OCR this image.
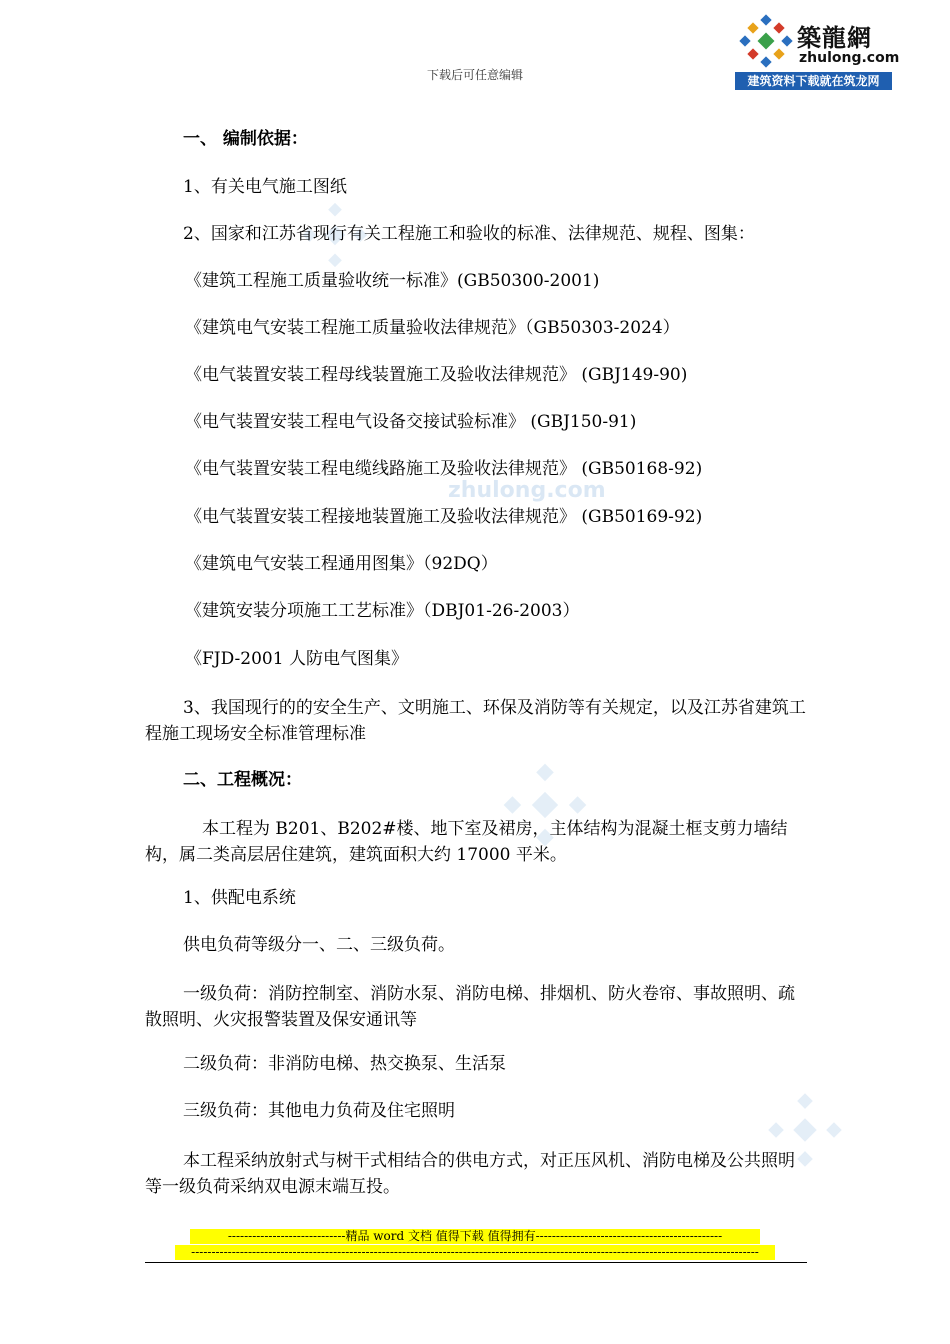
下载后可任意编辑
築龍網
zhulong.com
建筑资料下载就在筑龙网
zhulong.com
一、 编制依据：
1、有关电气施工图纸
2、国家和江苏省现行有关工程施工和验收的标准、法律规范、规程、图集：
《建筑工程施工质量验收统一标准》(GB50300-2001)
《建筑电气安装工程施工质量验收法律规范》（GB50303-2024）
《电气装置安装工程母线装置施工及验收法律规范》 (GBJ149-90)
《电气装置安装工程电气设备交接试验标准》 (GBJ150-91)
《电气装置安装工程电缆线路施工及验收法律规范》 (GB50168-92)
《电气装置安装工程接地装置施工及验收法律规范》 (GB50169-92)
《建筑电气安装工程通用图集》（92DQ）
《建筑安装分项施工工艺标准》（DBJ01-26-2003）
《FJD-2001 人防电气图集》
3、我国现行的的安全生产、文明施工、环保及消防等有关规定，以及江苏省建筑工程施工现场安全标准管理标准
二、工程概况：
本工程为 B201、B202#楼、地下室及裙房，主体结构为混凝土框支剪力墙结构，属二类高层居住建筑，建筑面积大约 17000 平米。
1、供配电系统
供电负荷等级分一、二、三级负荷。
一级负荷：消防控制室、消防水泵、消防电梯、排烟机、防火卷帘、事故照明、疏散照明、火灾报警装置及保安通讯等
二级负荷：非消防电梯、热交换泵、生活泵
三级负荷：其他电力负荷及住宅照明
本工程采纳放射式与树干式相结合的供电方式，对正压风机、消防电梯及公共照明等一级负荷采纳双电源末端互投。
-----------------------------精品 word 文档 值得下载 值得拥有----------------------------------------------
--------------------------------------------------------------------------------------------------------------------------------------------
